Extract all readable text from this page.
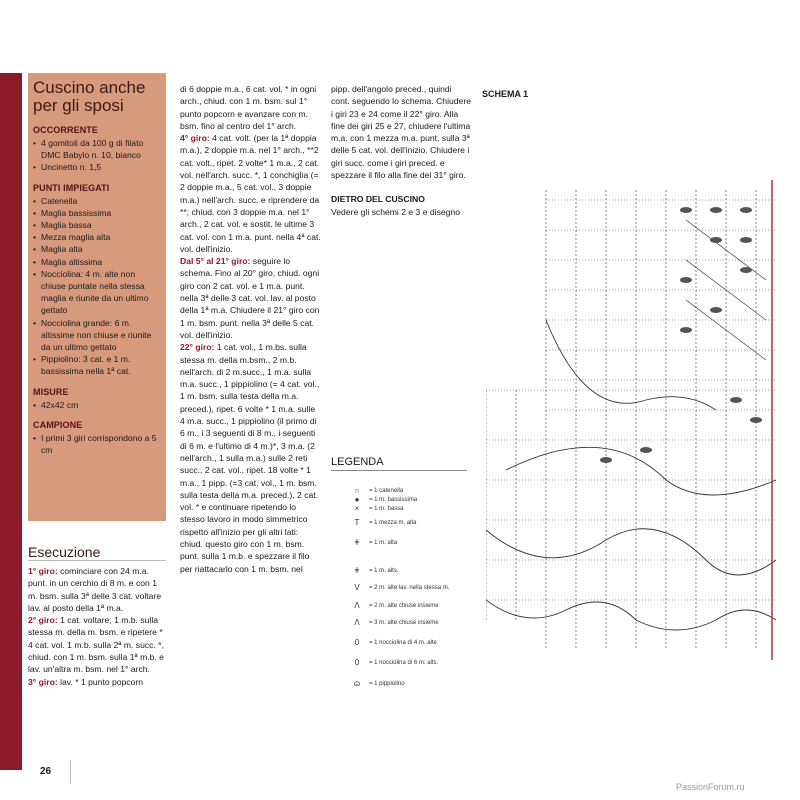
Cuscino anche per gli sposi
OCCORRENTE
• 4 gomitoli da 100 g di filato DMC Babylo n. 10, bianco
• Uncinetto n. 1,5
PUNTI IMPIEGATI
• Catenella
• Maglia bassissima
• Maglia bassa
• Mezza maglia alta
• Maglia alta
• Maglia altissima
• Nocciolina: 4 m. alte non chiuse puntate nella stessa maglia e riunite da un ultimo gettato
• Nocciolina grande: 6 m. altissime non chiuse e riunite da un ultimo gettato
• Pippiolino: 3 cat. e 1 m. bassissima nella 1ª cat.
MISURE
• 42x42 cm
CAMPIONE
• I primi 3 giri corrispondono a 5 cm
Esecuzione

1° giro: cominciare con 24 m.a. punt. in un cerchio di 8 m. e con 1 m. bsm. sulla 3ª delle 3 cat. voltare lav. al posto della 1ª m.a.

2° giro: 1 cat. voltare, 1 m.b. sulla stessa m. della m. bsm. e ripetere * 4 cat. vol. 1 m.b. sulla 2ª m. succ. *, chiud. con 1 m. bsm. sulla 1ª m.b. e lav. un'altra m. bsm. nel 1° arch.

3° giro: lav. * 1 punto popcorn

di 6 doppie m.a., 6 cat. vol. * in ogni arch., chiud. con 1 m. bsm. sul 1° punto popcorn e avanzare con m. bsm. fino al centro del 1° arch.

4° giro: 4 cat. volt. (per la 1ª doppia m.a.), 2 doppie m.a. nel 1° arch., **2 cat. volt., ripet. 2 volte* 1 m.a., 2 cat. vol. nell'arch. succ. *, 1 conchiglia (= 2 doppie m.a., 5 cat. vol., 3 doppie m.a.) nell'arch. succ. e riprendere da **; chiud. con 3 doppie m.a. nel 1° arch., 2 cat. vol. e sostit. le ultime 3 cat. vol. con 1 m.a. punt. nella 4ª cat. vol. dell'inizio.

Dal 5° al 21° giro: seguire lo schema. Fino al 20° giro, chiud. ogni giro con 2 cat. vol. e 1 m.a. punt. nella 3ª delle 3 cat. vol. lav. al posto della 1ª m.a. Chiudere il 21° giro con 1 m. bsm. punt. nella 3ª delle 5 cat. vol. dell'inizio.

22° giro: 1 cat. vol., 1 m.bs. sulla stessa m. della m.bsm., 2 m.b. nell'arch. di 2 m.succ., 1 m.a. sulla m.a. succ., 1 pippiolino (= 4 cat. vol., 1 m. bsm. sulla testa della m.a. preced.), ripet. 6 volte * 1 m.a. sulle 4 m.a. succ., 1 pippiolino (il primo di 6 m., i 3 seguenti di 8 m., i seguenti di 6 m. e l'ultimo di 4 m.)*, 3 m.a. (2 nell'arch., 1 sulla m.a.) sulle 2 reti succ., 2 cat. vol., ripet. 18 volte * 1 m.a., 1 pipp. (=3 cat. vol., 1 m. bsm. sulla testa della m.a. preced.), 2 cat. vol. * e continuare ripetendo lo stesso lavoro in modo simmetrico rispetto all'inizio per gli altri lati: chiud. questo giro con 1 m. bsm. punt. sulla 1 m.b. e spezzare il filo per riattacarlo con 1 m. bsm. nel

pipp. dell'angolo preced., quindi cont. seguendo lo schema. Chiudere i giri 23 e 24 come il 22° giro. Alla fine dei giri 25 e 27, chiudere l'ultima m.a. con 1 mezza m.a. punt, sulla 3ª delle 5 cat. vol. dell'inizio. Chiudere i giri succ. come i giri preced. e spezzare il filo alla fine del 31° giro.

DIETRO DEL CUSCINO

Vedere gli schemi 2 e 3 e disegno

LEGENDA
○	= 1 catenella
●	= 1 m. bassissima
×	= 1 m. bassa
T	= 1 mezza m. alta
ǂ	= 1 m. alta
ǂ	= 1 m. alts.
V	= 2 m. alte lav. nella stessa m.
Λ	= 2 m. alte chiuse insieme
Λ	= 3 m. alte chiuse insieme
0	= 1 nocciolina di 4 m. alte
0	= 1 nocciolina di 6 m. alts.
ɷ	= 1 pippiolino
SCHEMA 1
26
PassionForum.ru
